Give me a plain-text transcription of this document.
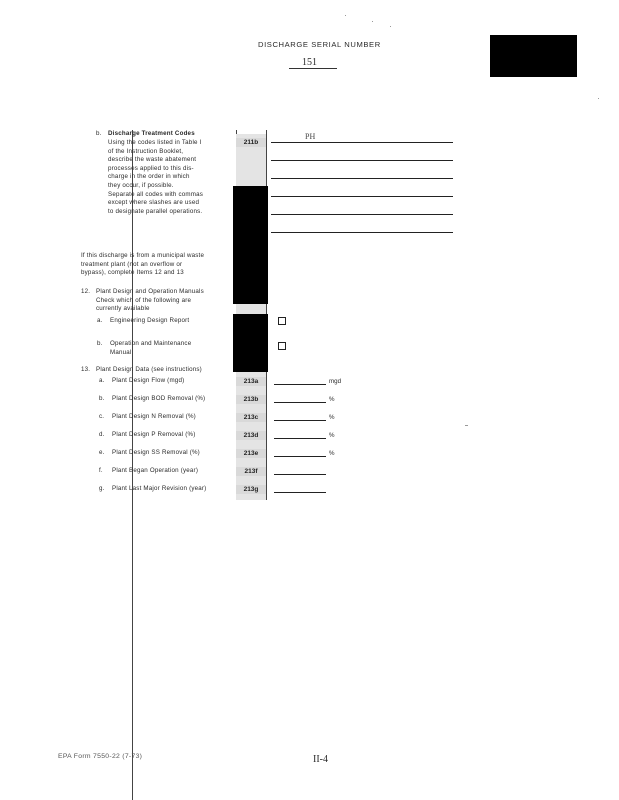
DISCHARGE SERIAL NUMBER
151
b. Discharge Treatment Codes
Using the codes listed in Table I
of the Instruction Booklet,
describe the waste abatement
processes applied to this dis-
charge in the order in which
they occur, if possible.
Separate all codes with commas
except where slashes are used
to designate parallel operations.
211b
PH
If this discharge is from a municipal waste
treatment plant (not an overflow or
bypass), complete Items 12 and 13
12. Plant Design and Operation Manuals
Check which of the following are
currently available
a. Engineering Design Report
b. Operation and Maintenance
Manual
13. Plant Design Data (see instructions)
a. Plant Design Flow (mgd)	213a	mgd
b. Plant Design BOD Removal (%)	213b	%
c. Plant Design N Removal (%)	213c	%
d. Plant Design P Removal (%)	213d	%
e. Plant Design SS Removal (%)	213e	%
f. Plant Began Operation (year)	213f
g. Plant Last Major Revision (year)	213g
EPA Form 7550-22 (7-73)	II-4
